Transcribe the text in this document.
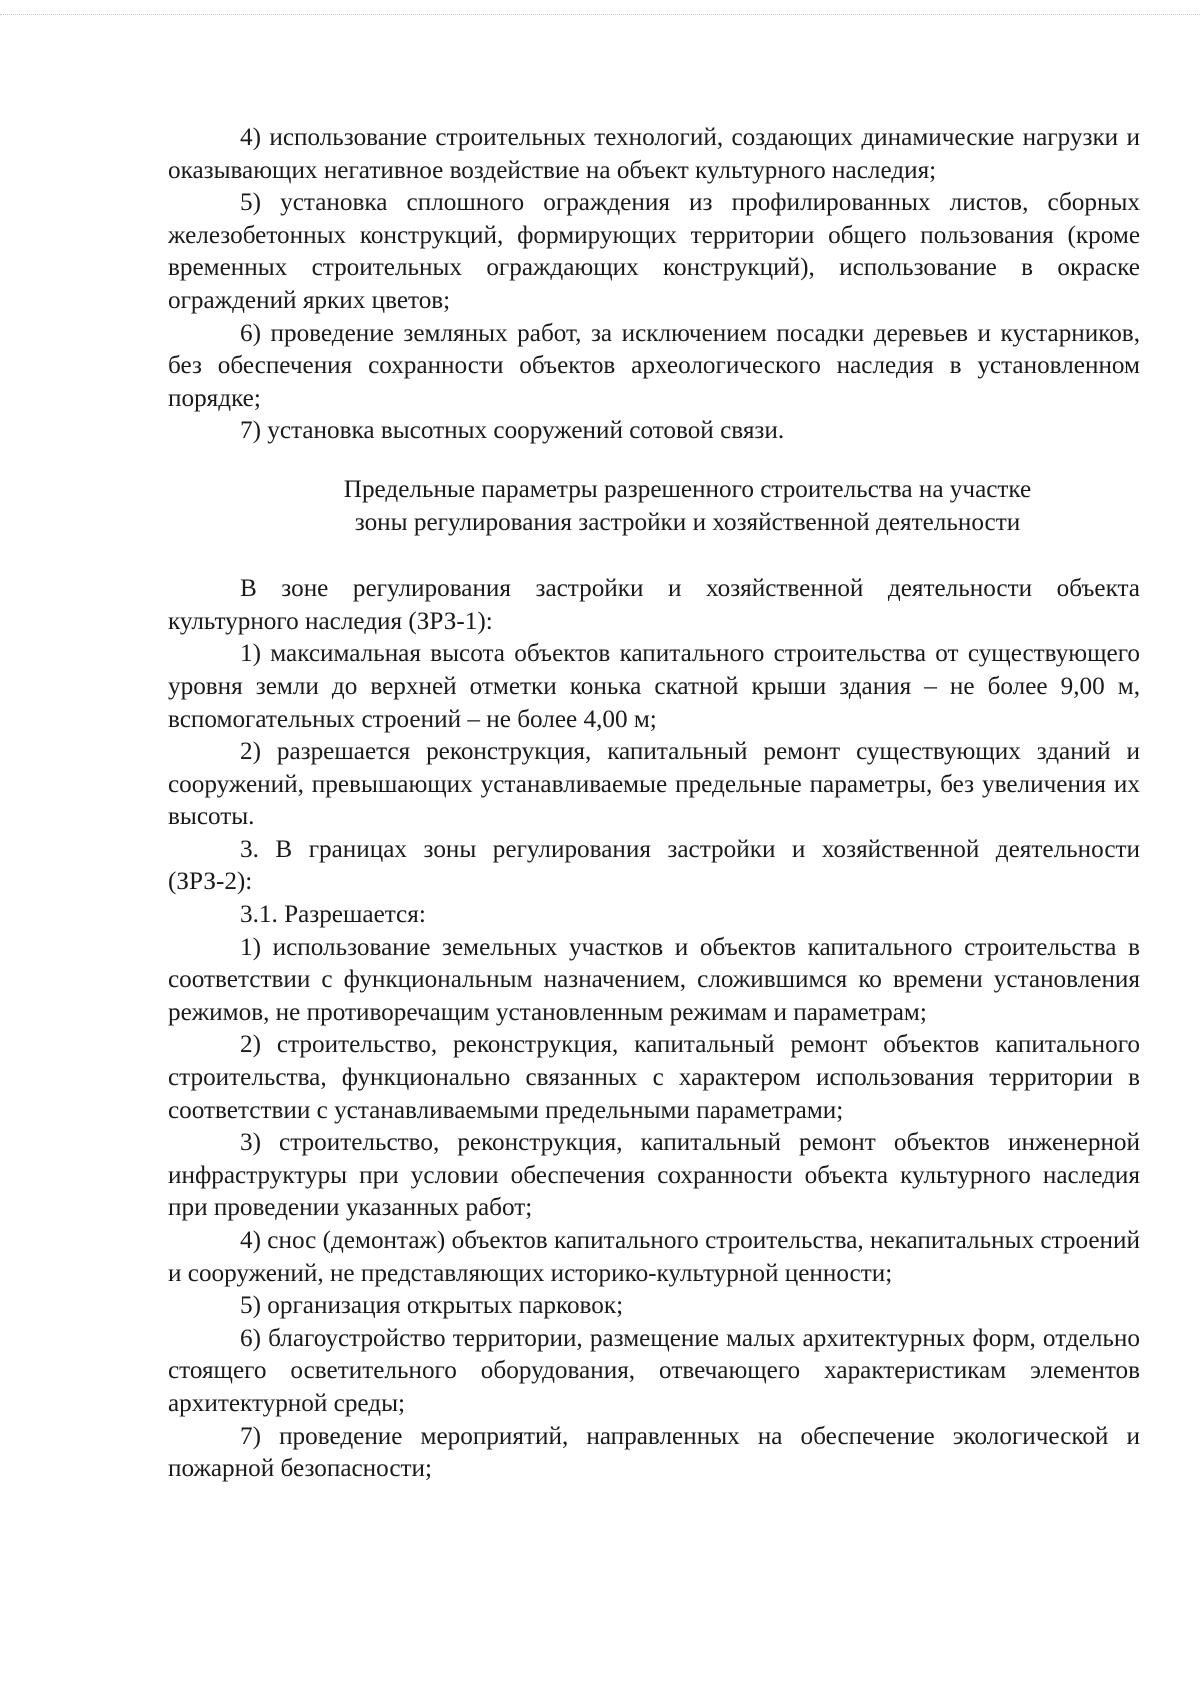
4) использование строительных технологий, создающих динамические нагрузки и оказывающих негативное воздействие на объект культурного наследия;

5) установка сплошного ограждения из профилированных листов, сборных железобетонных конструкций, формирующих территории общего пользования (кроме временных строительных ограждающих конструкций), использование в окраске ограждений ярких цветов;

6) проведение земляных работ, за исключением посадки деревьев и кустарников, без обеспечения сохранности объектов археологического наследия в установленном порядке;

7) установка высотных сооружений сотовой связи.

Предельные параметры разрешенного строительства на участке
зоны регулирования застройки и хозяйственной деятельности

В зоне регулирования застройки и хозяйственной деятельности объекта культурного наследия (ЗРЗ-1):

1) максимальная высота объектов капитального строительства от существующего уровня земли до верхней отметки конька скатной крыши здания – не более 9,00 м, вспомогательных строений – не более 4,00 м;

2) разрешается реконструкция, капитальный ремонт существующих зданий и сооружений, превышающих устанавливаемые предельные параметры, без увеличения их высоты.

3. В границах зоны регулирования застройки и хозяйственной деятельности (ЗРЗ-2):

3.1. Разрешается:

1) использование земельных участков и объектов капитального строительства в соответствии с функциональным назначением, сложившимся ко времени установления режимов, не противоречащим установленным режимам и параметрам;

2) строительство, реконструкция, капитальный ремонт объектов капитального строительства, функционально связанных с характером использования территории в соответствии с устанавливаемыми предельными параметрами;

3) строительство, реконструкция, капитальный ремонт объектов инженерной инфраструктуры при условии обеспечения сохранности объекта культурного наследия при проведении указанных работ;

4) снос (демонтаж) объектов капитального строительства, некапитальных строений и сооружений, не представляющих историко-культурной ценности;

5) организация открытых парковок;

6) благоустройство территории, размещение малых архитектурных форм, отдельно стоящего осветительного оборудования, отвечающего характеристикам элементов архитектурной среды;

7) проведение мероприятий, направленных на обеспечение экологической и пожарной безопасности;
